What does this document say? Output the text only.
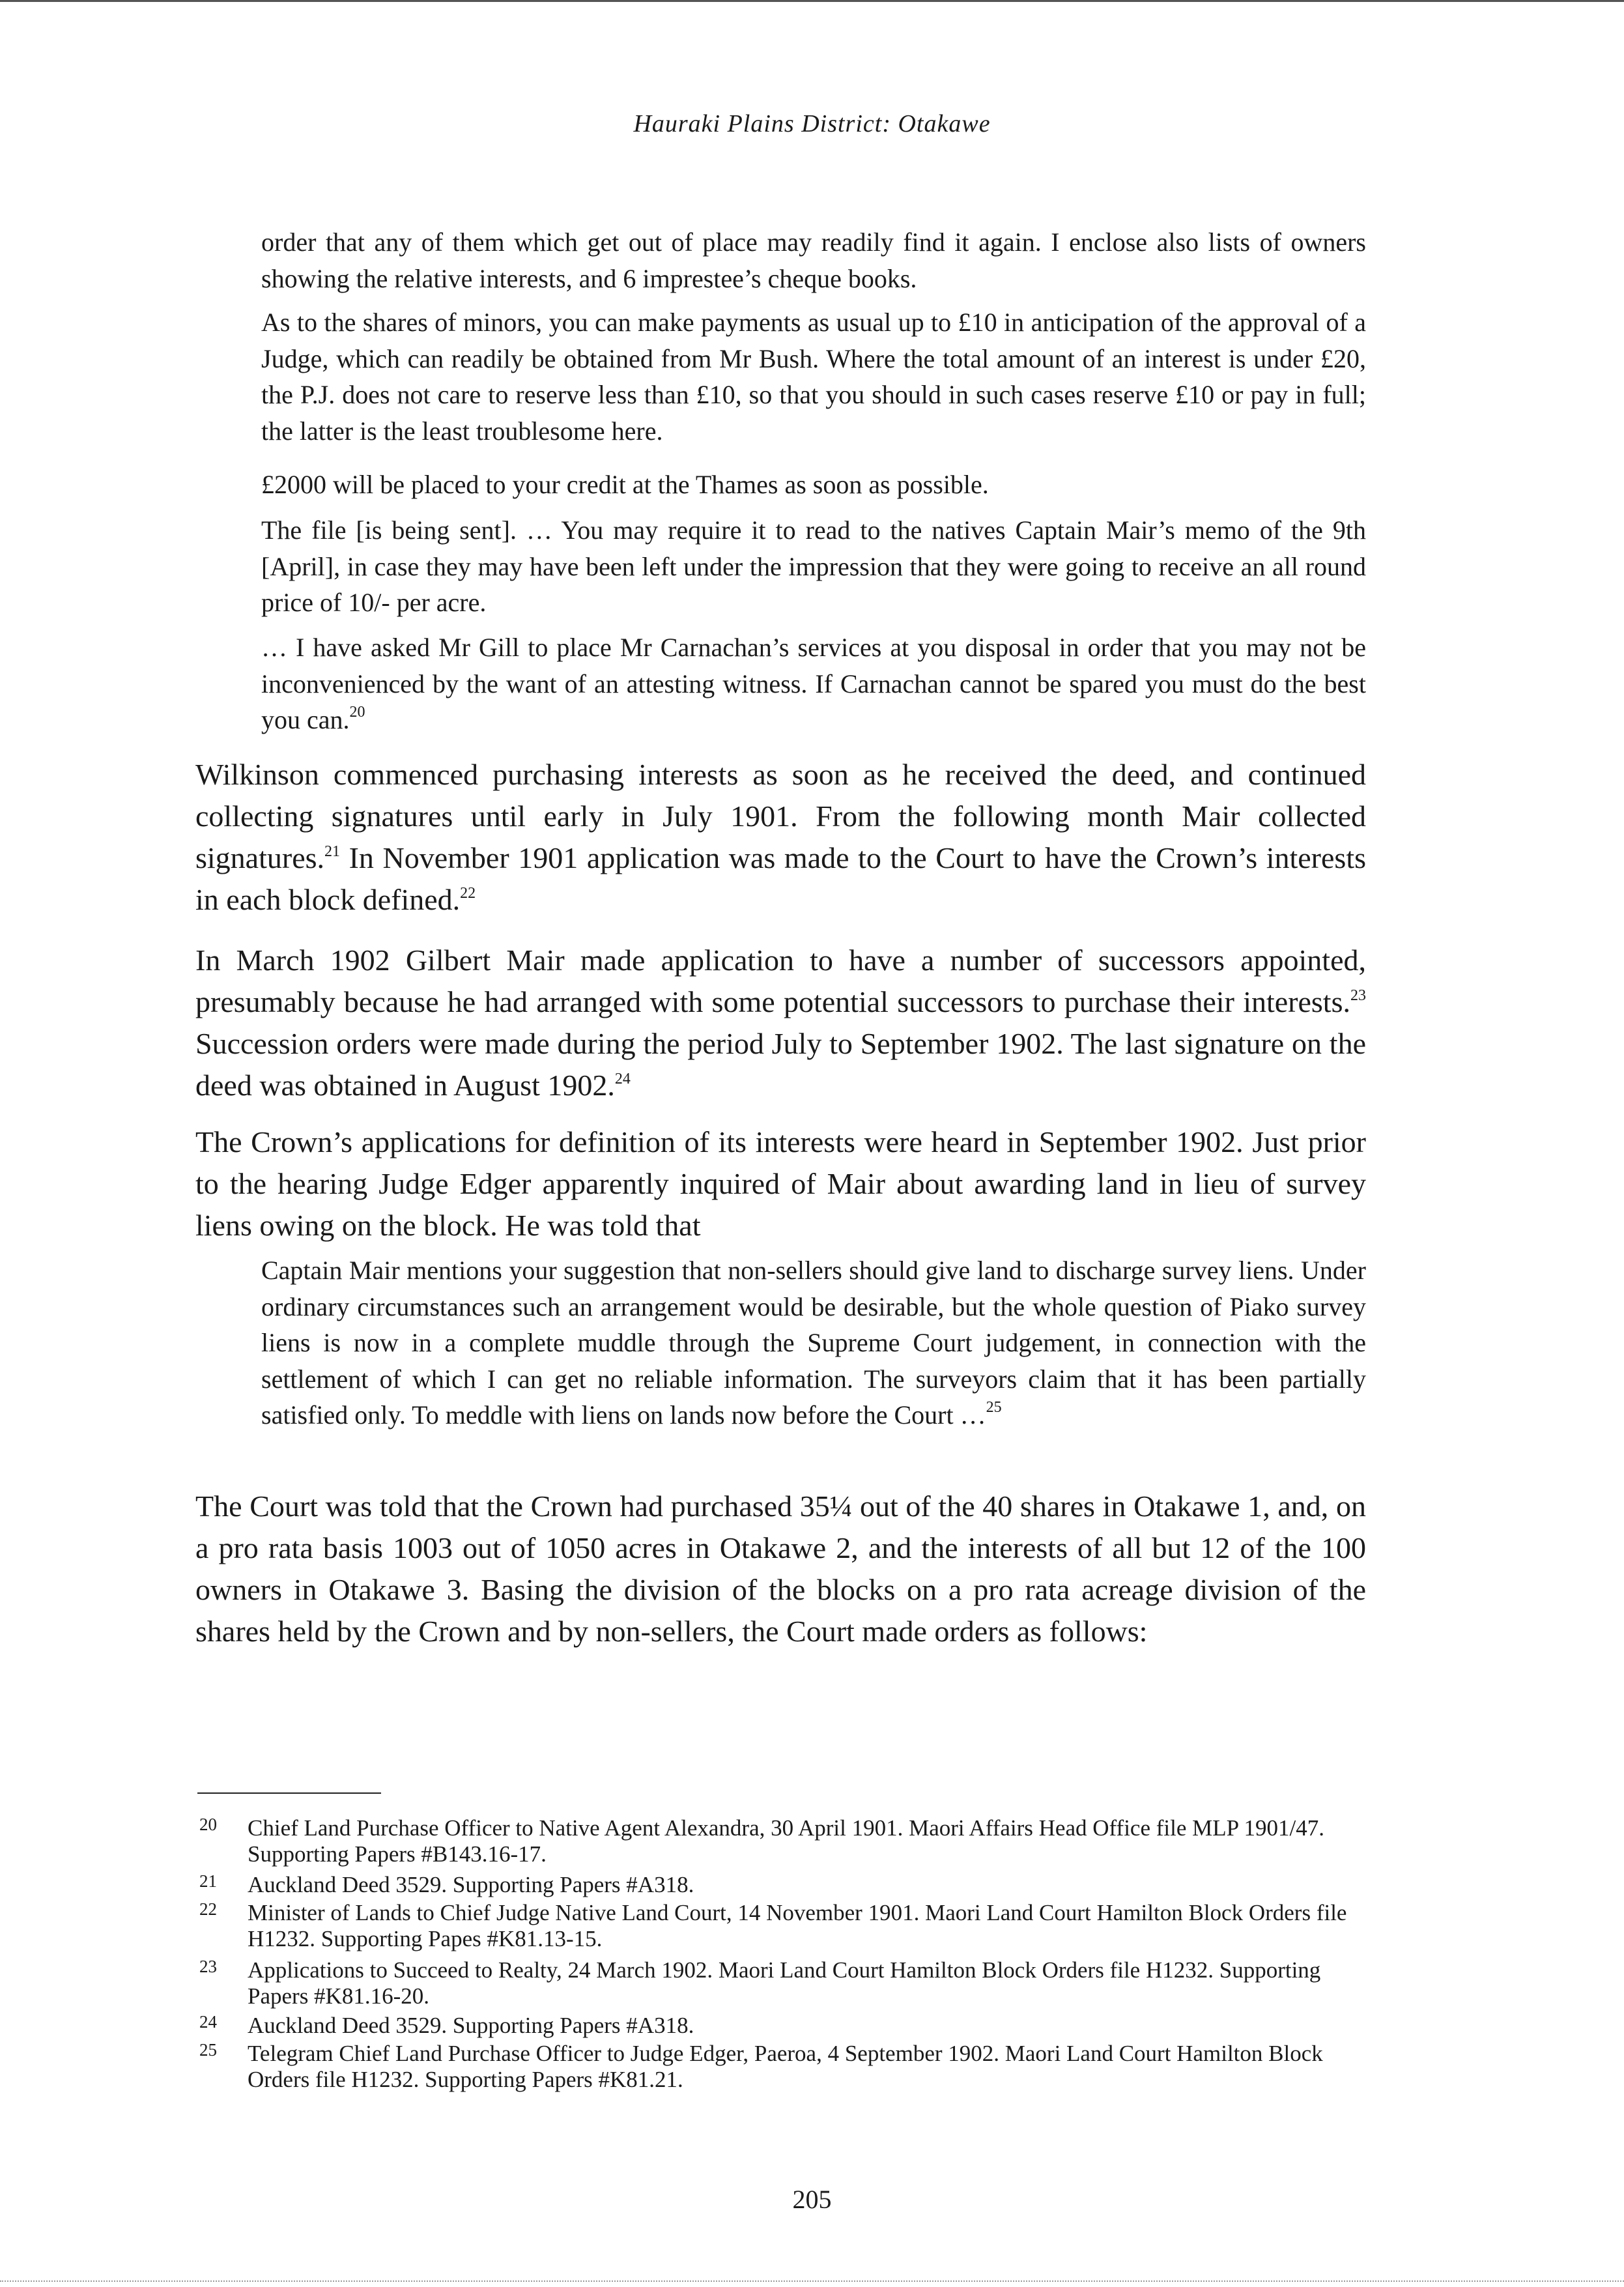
Hauraki Plains District: Otakawe

order that any of them which get out of place may readily find it again. I enclose also lists of owners showing the relative interests, and 6 imprestee’s cheque books.

As to the shares of minors, you can make payments as usual up to £10 in anticipation of the approval of a Judge, which can readily be obtained from Mr Bush. Where the total amount of an interest is under £20, the P.J. does not care to reserve less than £10, so that you should in such cases reserve £10 or pay in full; the latter is the least troublesome here.

£2000 will be placed to your credit at the Thames as soon as possible.

The file [is being sent]. … You may require it to read to the natives Captain Mair’s memo of the 9th [April], in case they may have been left under the impression that they were going to receive an all round price of 10/- per acre.

… I have asked Mr Gill to place Mr Carnachan’s services at you disposal in order that you may not be inconvenienced by the want of an attesting witness. If Carnachan cannot be spared you must do the best you can.$^{20}$

Wilkinson commenced purchasing interests as soon as he received the deed, and continued collecting signatures until early in July 1901. From the following month Mair collected signatures.$^{21}$ In November 1901 application was made to the Court to have the Crown’s interests in each block defined.$^{22}$

In March 1902 Gilbert Mair made application to have a number of successors appointed, presumably because he had arranged with some potential successors to purchase their interests.$^{23}$ Succession orders were made during the period July to September 1902. The last signature on the deed was obtained in August 1902.24

The Crown’s applications for definition of its interests were heard in September 1902. Just prior to the hearing Judge Edger apparently inquired of Mair about awarding land in lieu of survey liens owing on the block. He was told that

Captain Mair mentions your suggestion that non-sellers should give land to discharge survey liens. Under ordinary circumstances such an arrangement would be desirable, but the whole question of Piako survey liens is now in a complete muddle through the Supreme Court judgement, in connection with the settlement of which I can get no reliable information. The surveyors claim that it has been partially satisfied only. To meddle with liens on lands now before the Court …$^{25}$

The Court was told that the Crown had purchased 35¼ out of the 40 shares in Otakawe 1, and, on a pro rata basis 1003 out of 1050 acres in Otakawe 2, and the interests of all but 12 of the 100 owners in Otakawe 3. Basing the division of the blocks on a pro rata acreage division of the shares held by the Crown and by non-sellers, the Court made orders as follows:

20 Chief Land Purchase Officer to Native Agent Alexandra, 30 April 1901. Maori Affairs Head Office file MLP 1901/47. Supporting Papers #B143.16-17.
21 Auckland Deed 3529. Supporting Papers #A318.
22 Minister of Lands to Chief Judge Native Land Court, 14 November 1901. Maori Land Court Hamilton Block Orders file H1232. Supporting Papes #K81.13-15.
23 Applications to Succeed to Realty, 24 March 1902. Maori Land Court Hamilton Block Orders file H1232. Supporting Papers #K81.16-20.
24 Auckland Deed 3529. Supporting Papers #A318.
25 Telegram Chief Land Purchase Officer to Judge Edger, Paeroa, 4 September 1902. Maori Land Court Hamilton Block Orders file H1232. Supporting Papers #K81.21.
205
